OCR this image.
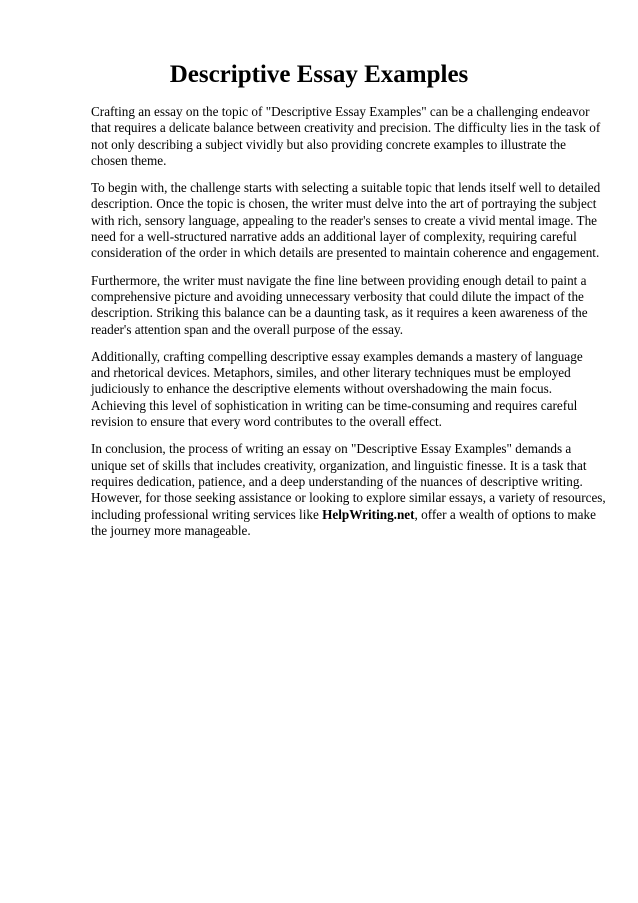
Descriptive Essay Examples

Crafting an essay on the topic of "Descriptive Essay Examples" can be a challenging endeavor
that requires a delicate balance between creativity and precision. The difficulty lies in the task of
not only describing a subject vividly but also providing concrete examples to illustrate the
chosen theme.

To begin with, the challenge starts with selecting a suitable topic that lends itself well to detailed
description. Once the topic is chosen, the writer must delve into the art of portraying the subject
with rich, sensory language, appealing to the reader's senses to create a vivid mental image. The
need for a well-structured narrative adds an additional layer of complexity, requiring careful
consideration of the order in which details are presented to maintain coherence and engagement.

Furthermore, the writer must navigate the fine line between providing enough detail to paint a
comprehensive picture and avoiding unnecessary verbosity that could dilute the impact of the
description. Striking this balance can be a daunting task, as it requires a keen awareness of the
reader's attention span and the overall purpose of the essay.

Additionally, crafting compelling descriptive essay examples demands a mastery of language
and rhetorical devices. Metaphors, similes, and other literary techniques must be employed
judiciously to enhance the descriptive elements without overshadowing the main focus.
Achieving this level of sophistication in writing can be time-consuming and requires careful
revision to ensure that every word contributes to the overall effect.

In conclusion, the process of writing an essay on "Descriptive Essay Examples" demands a
unique set of skills that includes creativity, organization, and linguistic finesse. It is a task that
requires dedication, patience, and a deep understanding of the nuances of descriptive writing.
However, for those seeking assistance or looking to explore similar essays, a variety of resources,
including professional writing services like HelpWriting.net, offer a wealth of options to make
the journey more manageable.
